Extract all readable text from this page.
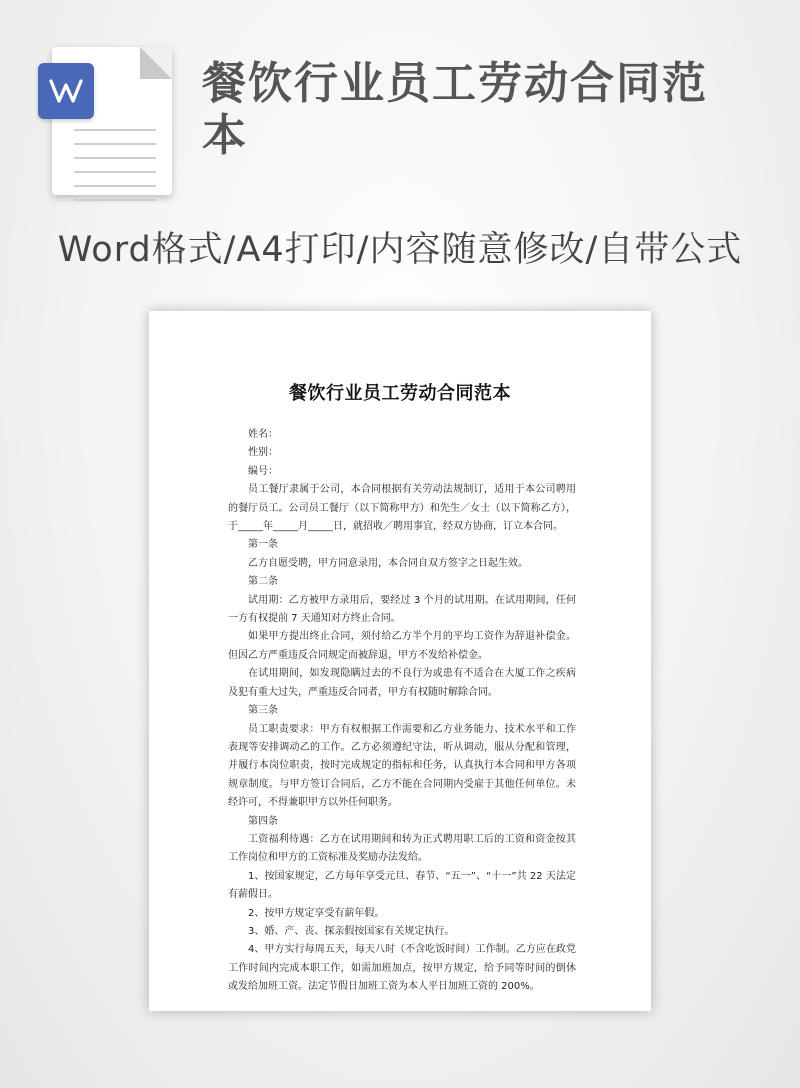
餐饮行业员工劳动合同范本
Word格式/A4打印/内容随意修改/自带公式
餐饮行业员工劳动合同范本

姓名：

性别：

编号：

员工餐厅隶属于公司，本合同根据有关劳动法规制订，适用于本公司聘用的餐厅员工。公司员工餐厅（以下简称甲方）和先生／女士（以下简称乙方），于_____年_____月_____日，就招收／聘用事宜，经双方协商，订立本合同。

第一条

乙方自愿受聘，甲方同意录用，本合同自双方签字之日起生效。

第二条

试用期：乙方被甲方录用后，要经过 3 个月的试用期。在试用期间，任何一方有权提前 7 天通知对方终止合同。

如果甲方提出终止合同，须付给乙方半个月的平均工资作为辞退补偿金。但因乙方严重违反合同规定而被辞退，甲方不发给补偿金。

在试用期间，如发现隐瞒过去的不良行为或患有不适合在大厦工作之疾病及犯有重大过失，严重违反合同者，甲方有权随时解除合同。

第三条

员工职责要求：甲方有权根据工作需要和乙方业务能力、技术水平和工作表现等安排调动乙的工作。乙方必须遵纪守法，听从调动，服从分配和管理，并履行本岗位职责，按时完成规定的指标和任务，认真执行本合同和甲方各项规章制度。与甲方签订合同后，乙方不能在合同期内受雇于其他任何单位。未经许可，不得兼职甲方以外任何职务。

第四条

工资福利待遇：乙方在试用期间和转为正式聘用职工后的工资和资金按其工作岗位和甲方的工资标准及奖励办法发给。

1、按国家规定，乙方每年享受元旦、春节、“五一”、“十一”共 22 天法定有薪假日。

2、按甲方规定享受有薪年假。

3、婚、产、丧、探亲假按国家有关规定执行。

4、甲方实行每周五天，每天八时（不含吃饭时间）工作制。乙方应在政党工作时间内完成本职工作，如需加班加点，按甲方规定，给予同等时间的倒休或发给加班工资。法定节假日加班工资为本人平日加班工资的 200%。
